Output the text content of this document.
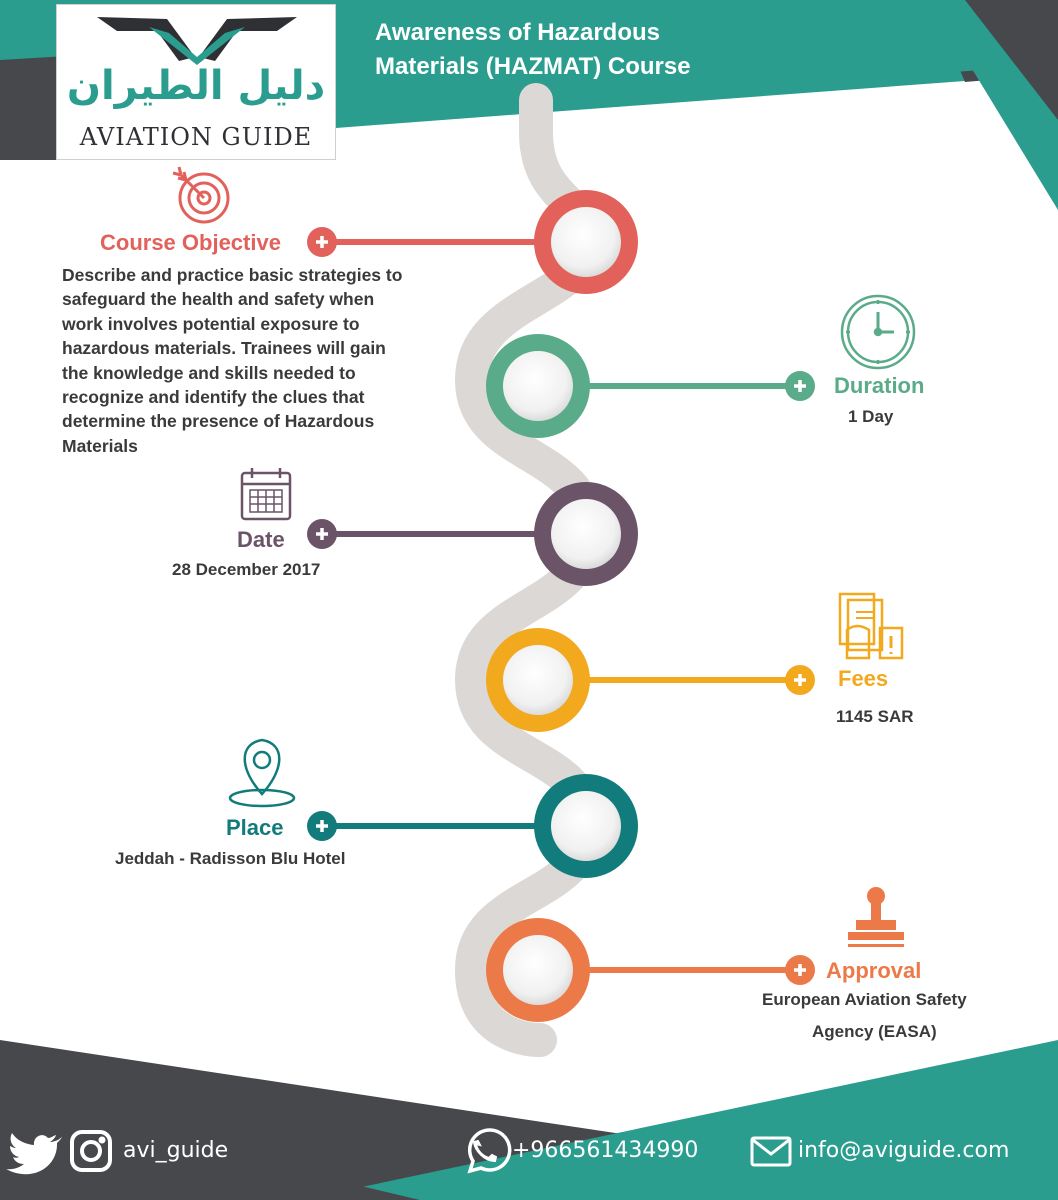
دليل الطيران
AVIATION GUIDE
Awareness of Hazardous
Materials (HAZMAT) Course
Course Objective
Describe and practice basic strategies to
safeguard the health and safety when
work involves potential exposure to
hazardous materials. Trainees will gain
the knowledge and skills needed to
recognize and identify the clues that
determine the presence of Hazardous
Materials
Duration
1 Day
Date
28 December 2017
Fees
1145 SAR
Place
Jeddah - Radisson Blu Hotel
Approval
European Aviation Safety
Agency (EASA)
avi_guide	+966561434990	info@aviguide.com
